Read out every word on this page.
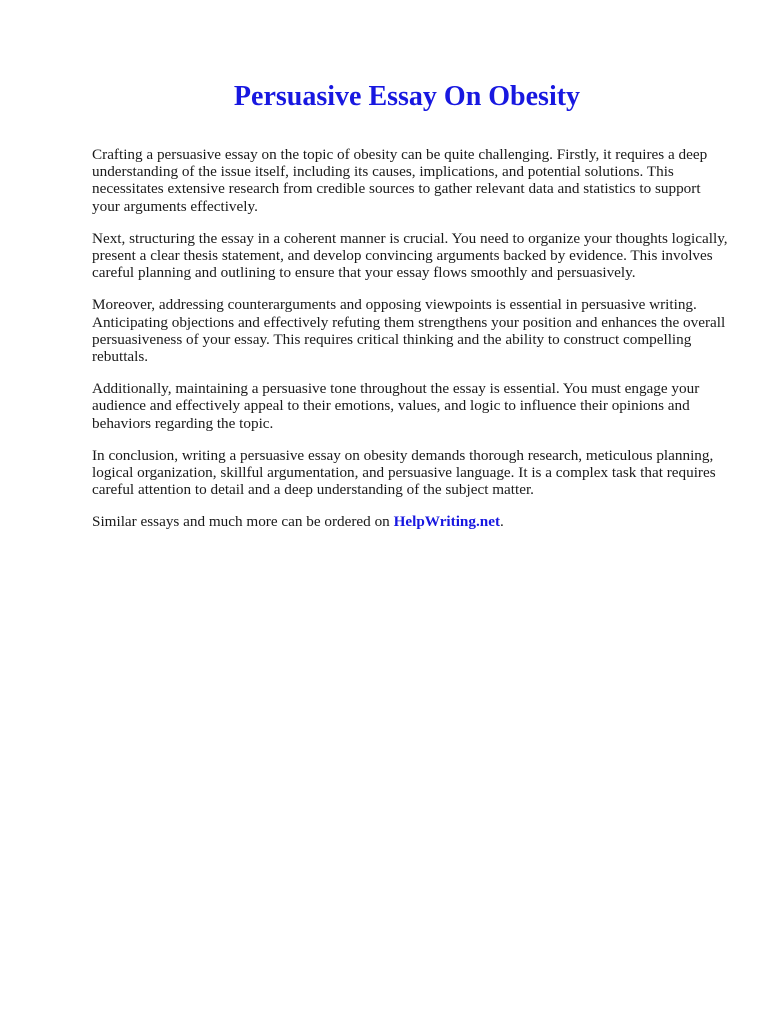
Persuasive Essay On Obesity

Crafting a persuasive essay on the topic of obesity can be quite challenging. Firstly, it requires a deep understanding of the issue itself, including its causes, implications, and potential solutions. This necessitates extensive research from credible sources to gather relevant data and statistics to support your arguments effectively.

Next, structuring the essay in a coherent manner is crucial. You need to organize your thoughts logically, present a clear thesis statement, and develop convincing arguments backed by evidence. This involves careful planning and outlining to ensure that your essay flows smoothly and persuasively.

Moreover, addressing counterarguments and opposing viewpoints is essential in persuasive writing. Anticipating objections and effectively refuting them strengthens your position and enhances the overall persuasiveness of your essay. This requires critical thinking and the ability to construct compelling rebuttals.

Additionally, maintaining a persuasive tone throughout the essay is essential. You must engage your audience and effectively appeal to their emotions, values, and logic to influence their opinions and behaviors regarding the topic.

In conclusion, writing a persuasive essay on obesity demands thorough research, meticulous planning, logical organization, skillful argumentation, and persuasive language. It is a complex task that requires careful attention to detail and a deep understanding of the subject matter.

Similar essays and much more can be ordered on HelpWriting.net.
